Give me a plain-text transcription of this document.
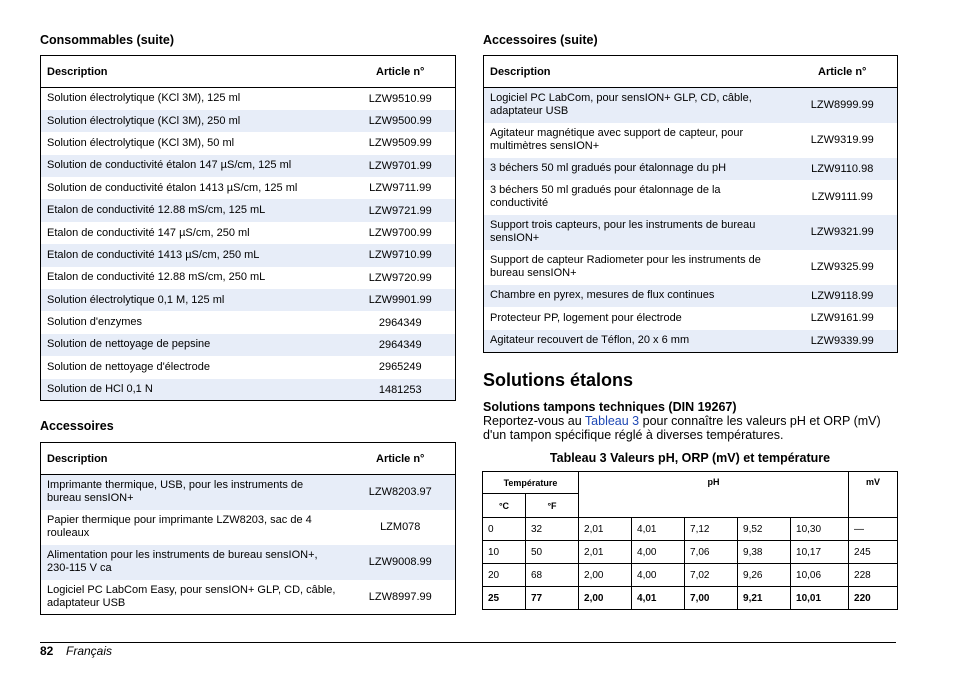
Consommables (suite)
Description	Article n°
Solution électrolytique (KCl 3M), 125 ml	LZW9510.99
Solution électrolytique (KCl 3M), 250 ml	LZW9500.99
Solution électrolytique (KCl 3M), 50 ml	LZW9509.99
Solution de conductivité étalon 147 µS/cm, 125 ml	LZW9701.99
Solution de conductivité étalon 1413 µS/cm, 125 ml	LZW9711.99
Etalon de conductivité 12.88 mS/cm, 125 mL	LZW9721.99
Etalon de conductivité 147 µS/cm, 250 ml	LZW9700.99
Etalon de conductivité 1413 µS/cm, 250 mL	LZW9710.99
Etalon de conductivité 12.88 mS/cm, 250 mL	LZW9720.99
Solution électrolytique 0,1 M, 125 ml	LZW9901.99
Solution d'enzymes	2964349
Solution de nettoyage de pepsine	2964349
Solution de nettoyage d'électrode	2965249
Solution de HCl 0,1 N	1481253
Accessoires
Description	Article n°
Imprimante thermique, USB, pour les instruments de bureau sensION+	LZW8203.97
Papier thermique pour imprimante LZW8203, sac de 4 rouleaux	LZM078
Alimentation pour les instruments de bureau sensION+, 230-115 V ca	LZW9008.99
Logiciel PC LabCom Easy, pour sensION+ GLP, CD, câble, adaptateur USB	LZW8997.99
Accessoires (suite)
Description	Article n°
Logiciel PC LabCom, pour sensION+ GLP, CD, câble, adaptateur USB	LZW8999.99
Agitateur magnétique avec support de capteur, pour multimètres sensION+	LZW9319.99
3 béchers 50 ml gradués pour étalonnage du pH	LZW9110.98
3 béchers 50 ml gradués pour étalonnage de la conductivité	LZW9111.99
Support trois capteurs, pour les instruments de bureau sensION+	LZW9321.99
Support de capteur Radiometer pour les instruments de bureau sensION+	LZW9325.99
Chambre en pyrex, mesures de flux continues	LZW9118.99
Protecteur PP, logement pour électrode	LZW9161.99
Agitateur recouvert de Téflon, 20 x 6 mm	LZW9339.99
Solutions étalons
Solutions tampons techniques (DIN 19267)
Reportez-vous au Tableau 3 pour connaître les valeurs pH et ORP (mV) d'un tampon spécifique réglé à diverses températures.
Tableau 3 Valeurs pH, ORP (mV) et température
Température		pH					mV
°C	°F						
0	32	2,01	4,01	7,12	9,52	10,30	—
10	50	2,01	4,00	7,06	9,38	10,17	245
20	68	2,00	4,00	7,02	9,26	10,06	228
25	77	2,00	4,01	7,00	9,21	10,01	220
82 Français
